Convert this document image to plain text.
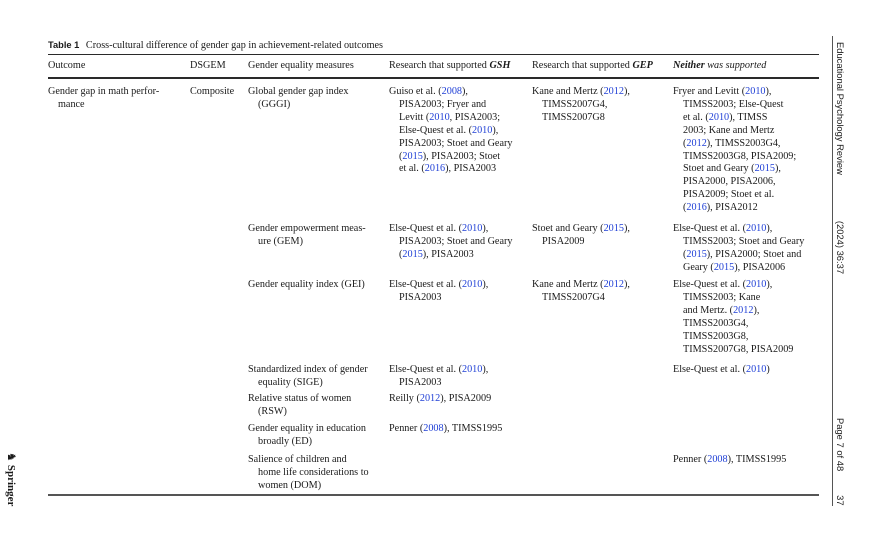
Table 1 Cross-cultural difference of gender gap in achievement-related outcomes
Outcome	DSGEM Gender equality measures	Research that supported GSH Research that supported GEP Neither was supported
Gender gap in math perfor-
mance
Composite Global gender gap index
(GGGI)
Guiso et al. (2008),
PISA2003; Fryer and
Levitt (2010, PISA2003;
Else-Quest et al. (2010),
PISA2003; Stoet and Geary
(2015), PISA2003; Stoet
et al. (2016), PISA2003
Kane and Mertz (2012),
TIMSS2007G4,
TIMSS2007G8
Fryer and Levitt (2010),
TIMSS2003; Else-Quest
et al. (2010), TIMSS
2003; Kane and Mertz
(2012), TIMSS2003G4,
TIMSS2003G8, PISA2009;
Stoet and Geary (2015),
PISA2000, PISA2006,
PISA2009; Stoet et al.
(2016), PISA2012
Gender empowerment meas-
ure (GEM)
Else-Quest et al. (2010),
PISA2003; Stoet and Geary
(2015), PISA2003
Stoet and Geary (2015),
PISA2009
Else-Quest et al. (2010),
TIMSS2003; Stoet and Geary
(2015), PISA2000; Stoet and
Geary (2015), PISA2006
Gender equality index (GEI) Else-Quest et al. (2010),
PISA2003
Kane and Mertz (2012),
TIMSS2007G4
Else-Quest et al. (2010),
TIMSS2003; Kane
and Mertz. (2012),
TIMSS2003G4,
TIMSS2003G8,
TIMSS2007G8, PISA2009
Standardized index of gender
equality (SIGE)
Else-Quest et al. (2010),
PISA2003
Else-Quest et al. (2010)
Relative status of women
(RSW)
Reilly (2012), PISA2009
Gender equality in education
broadly (ED)
Penner (2008), TIMSS1995
Salience of children and
home life considerations to
women (DOM)
Penner (2008), TIMSS1995
Educational Psychology Review(2024) 36:37
Page 7 of 4837
♞Springer
